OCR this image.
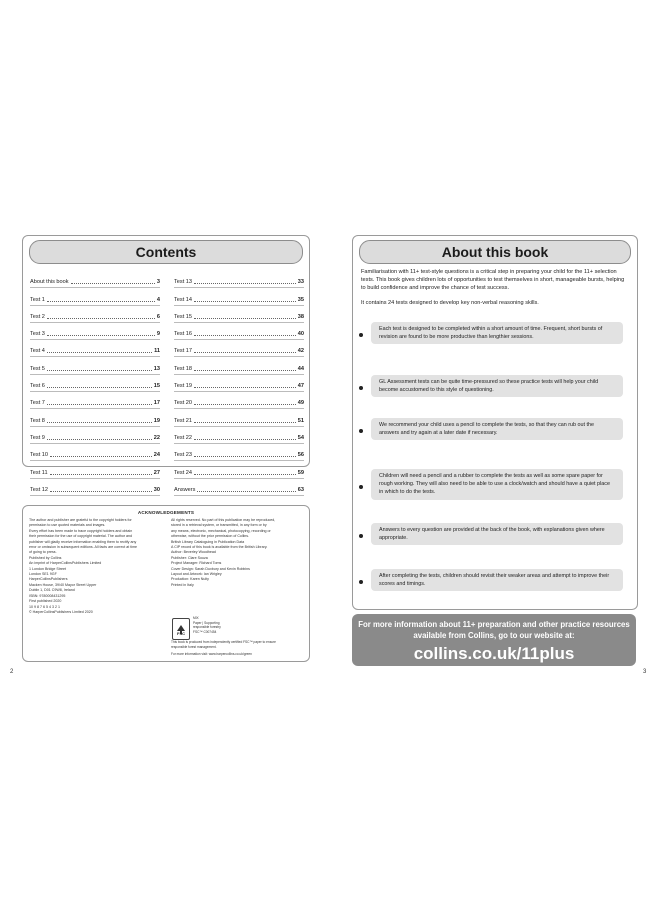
Contents
About this book	3
Test 1	4
Test 2	6
Test 3	9
Test 4	11
Test 5	13
Test 6	15
Test 7	17
Test 8	19
Test 9	22
Test 10	24
Test 11	27
Test 12	30
Test 13	33
Test 14	35
Test 15	38
Test 16	40
Test 17	42
Test 18	44
Test 19	47
Test 20	49
Test 21	51
Test 22	54
Test 23	56
Test 24	59
Answers	63
ACKNOWLEDGEMENTS
The author and publisher are grateful to the copyright holders for
permission to use quoted materials and images.
Every effort has been made to trace copyright holders and obtain
their permission for the use of copyright material. The author and
publisher will gladly receive information enabling them to rectify any
error or omission in subsequent editions. All facts are correct at time
of going to press.
Published by Collins
An imprint of HarperCollinsPublishers Limited
1 London Bridge Street
London SE1 9GF
HarperCollinsPublishers
Macken House, 39/40 Mayor Street Upper
Dublin 1, D01 C9W8, Ireland
ISBN: 9780008431295
First published 2020
10 9 8 7 6 5 4 3 2 1
© HarperCollinsPublishers Limited 2020
All rights reserved. No part of this publication may be reproduced,
stored in a retrieval system, or transmitted, in any form or by
any means, electronic, mechanical, photocopying, recording or
otherwise, without the prior permission of Collins.
British Library Cataloguing in Publication Data
A CIP record of this book is available from the British Library.
Author: Beverley Woodhead
Publisher: Clare Souza
Project Manager: Richard Toms
Cover Design: Sarah Duxbury and Kevin Robbins
Layout and Artwork: Ian Wrigley
Production: Karen Nulty
Printed in Italy
FSC
MIX
Paper | Supporting
responsible forestry
FSC™ C007454
This book is produced from independently certified FSC™ paper to ensure
responsible forest management.
For more information visit: www.harpercollins.co.uk/green
About this book
Familiarisation with 11+ test-style questions is a critical step in preparing your child for the 11+ selection tests. This book gives children lots of opportunities to test themselves in short, manageable bursts, helping to build confidence and improve the chance of test success.
It contains 24 tests designed to develop key non-verbal reasoning skills.
Each test is designed to be completed within a short amount of time. Frequent, short bursts of revision are found to be more productive than lengthier sessions.
GL Assessment tests can be quite time-pressured so these practice tests will help your child become accustomed to this style of questioning.
We recommend your child uses a pencil to complete the tests, so that they can rub out the answers and try again at a later date if necessary.
Children will need a pencil and a rubber to complete the tests as well as some spare paper for rough working. They will also need to be able to use a clock/watch and should have a quiet place in which to do the tests.
Answers to every question are provided at the back of the book, with explanations given where appropriate.
After completing the tests, children should revisit their weaker areas and attempt to improve their scores and timings.
For more information about 11+ preparation and other practice resources available from Collins, go to our website at:
collins.co.uk/11plus
2	3
